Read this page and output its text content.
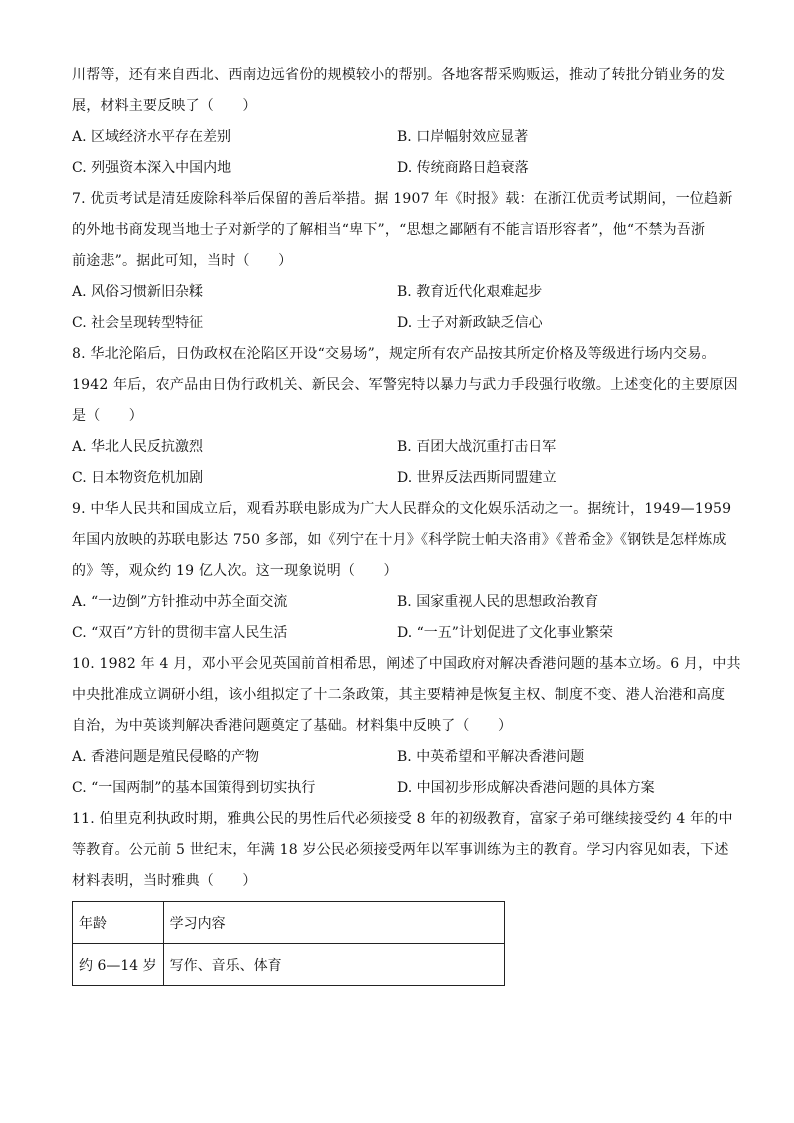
川帮等，还有来自西北、西南边远省份的规模较小的帮别。各地客帮采购贩运，推动了转批分销业务的发
展，材料主要反映了（　　）
A. 区域经济水平存在差别	B. 口岸幅射效应显著
C. 列强资本深入中国内地	D. 传统商路日趋衰落
7. 优贡考试是清廷废除科举后保留的善后举措。据 1907 年《时报》载：在浙江优贡考试期间，一位趋新
的外地书商发现当地士子对新学的了解相当“卑下”，“思想之鄙陋有不能言语形容者”，他“不禁为吾浙
前途悲”。据此可知，当时（　　）
A. 风俗习惯新旧杂糅	B. 教育近代化艰难起步
C. 社会呈现转型特征	D. 士子对新政缺乏信心
8. 华北沦陷后，日伪政权在沦陷区开设“交易场”，规定所有农产品按其所定价格及等级进行场内交易。
1942 年后，农产品由日伪行政机关、新民会、军警宪特以暴力与武力手段强行收缴。上述变化的主要原因
是（　　）
A. 华北人民反抗激烈	B. 百团大战沉重打击日军
C. 日本物资危机加剧	D. 世界反法西斯同盟建立
9. 中华人民共和国成立后，观看苏联电影成为广大人民群众的文化娱乐活动之一。据统计，1949—1959
年国内放映的苏联电影达 750 多部，如《列宁在十月》《科学院士帕夫洛甫》《普希金》《钢铁是怎样炼成
的》等，观众约 19 亿人次。这一现象说明（　　）
A. “一边倒”方针推动中苏全面交流	B. 国家重视人民的思想政治教育
C. “双百”方针的贯彻丰富人民生活	D. “一五”计划促进了文化事业繁荣
10. 1982 年 4 月，邓小平会见英国前首相希思，阐述了中国政府对解决香港问题的基本立场。6 月，中共
中央批准成立调研小组，该小组拟定了十二条政策，其主要精神是恢复主权、制度不变、港人治港和高度
自治，为中英谈判解决香港问题奠定了基础。材料集中反映了（　　）
A. 香港问题是殖民侵略的产物	B. 中英希望和平解决香港问题
C. “一国两制”的基本国策得到切实执行	D. 中国初步形成解决香港问题的具体方案
11. 伯里克利执政时期，雅典公民的男性后代必须接受 8 年的初级教育，富家子弟可继续接受约 4 年的中
等教育。公元前 5 世纪末，年满 18 岁公民必须接受两年以军事训练为主的教育。学习内容见如表，下述
材料表明，当时雅典（　　）
年龄	学习内容
约 6—14 岁	写作、音乐、体育
